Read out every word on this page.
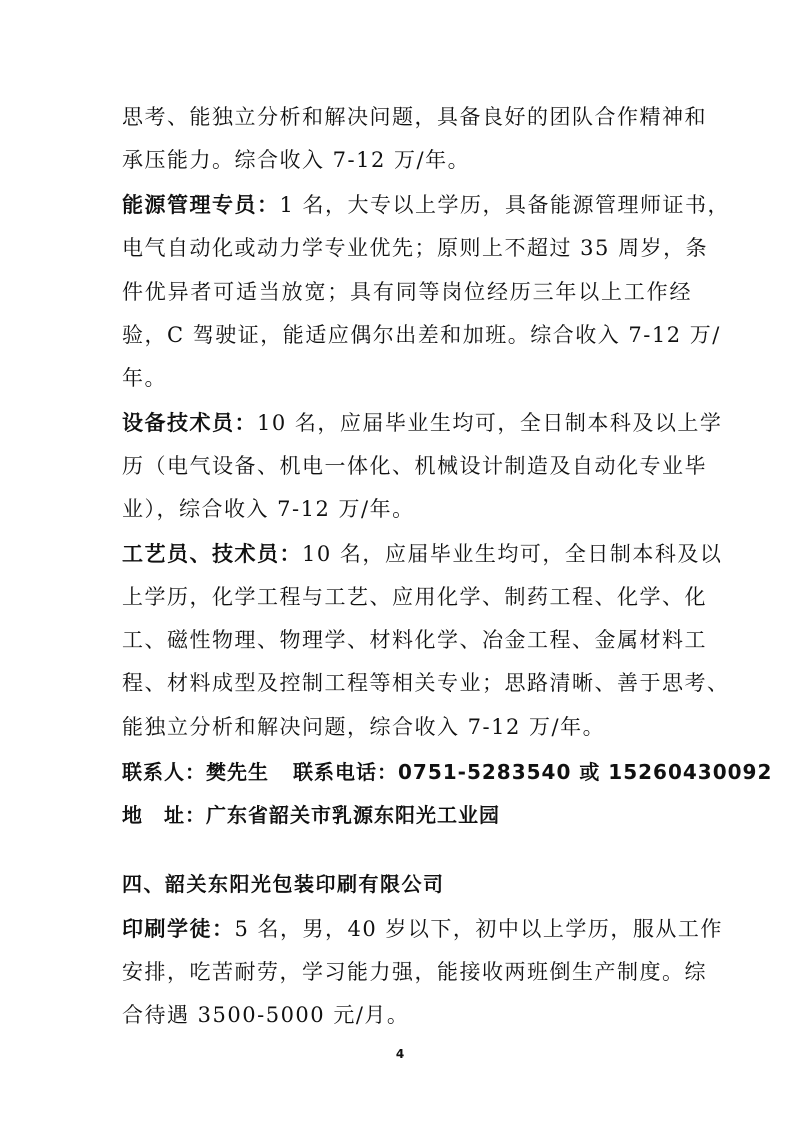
思考、能独立分析和解决问题，具备良好的团队合作精神和
承压能力。综合收入 7-12 万/年。
能源管理专员：1 名，大专以上学历，具备能源管理师证书，
电气自动化或动力学专业优先；原则上不超过 35 周岁，条
件优异者可适当放宽；具有同等岗位经历三年以上工作经
验，C 驾驶证，能适应偶尔出差和加班。综合收入 7-12 万/
年。
设备技术员：10 名，应届毕业生均可，全日制本科及以上学
历（电气设备、机电一体化、机械设计制造及自动化专业毕
业），综合收入 7-12 万/年。
工艺员、技术员：10 名，应届毕业生均可，全日制本科及以
上学历，化学工程与工艺、应用化学、制药工程、化学、化
工、磁性物理、物理学、材料化学、冶金工程、金属材料工
程、材料成型及控制工程等相关专业；思路清晰、善于思考、
能独立分析和解决问题，综合收入 7-12 万/年。
联系人：樊先生 联系电话：0751-5283540 或 15260430092
地　址：广东省韶关市乳源东阳光工业园
四、韶关东阳光包装印刷有限公司
印刷学徒：5 名，男，40 岁以下，初中以上学历，服从工作
安排，吃苦耐劳，学习能力强，能接收两班倒生产制度。综
合待遇 3500-5000 元/月。
4
